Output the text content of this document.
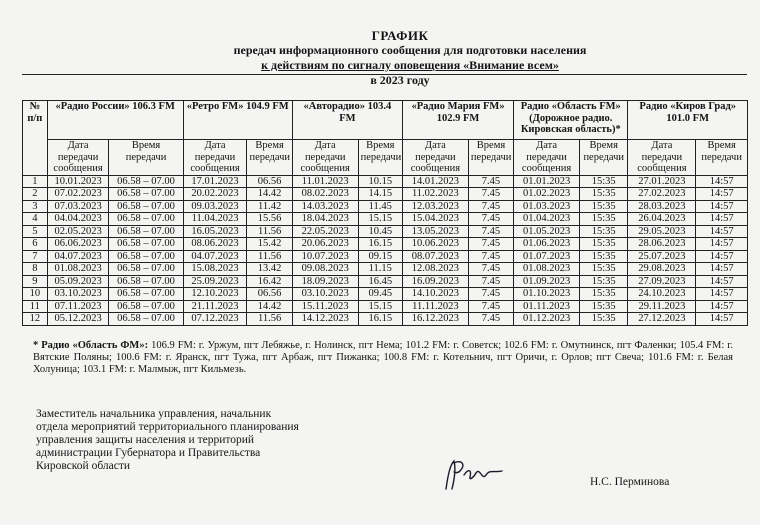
ГРАФИК
передач информационного сообщения для подготовки населения
к действиям по сигналу оповещения «Внимание всем»
в 2023 году
№ п/п	«Радио России» 106.3 FM		«Ретро FM» 104.9 FM		«Авторадио» 103.4 FM		«Радио Мария FM» 102.9 FM		Радио «Область FM» (Дорожное радио. Кировская область)*		Радио «Киров Град» 101.0 FM	
	Дата передачи сообщения	Время передачи	Дата передачи сообщения	Время передачи	Дата передачи сообщения	Время передачи	Дата передачи сообщения	Время передачи	Дата передачи сообщения	Время передачи	Дата передачи сообщения	Время передачи
1	10.01.2023	06.58 – 07.00	17.01.2023	06.56	11.01.2023	10.15	14.01.2023	7.45	01.01.2023	15:35	27.01.2023	14:57
2	07.02.2023	06.58 – 07.00	20.02.2023	14.42	08.02.2023	14.15	11.02.2023	7.45	01.02.2023	15:35	27.02.2023	14:57
3	07.03.2023	06.58 – 07.00	09.03.2023	11.42	14.03.2023	11.45	12.03.2023	7.45	01.03.2023	15:35	28.03.2023	14:57
4	04.04.2023	06.58 – 07.00	11.04.2023	15.56	18.04.2023	15.15	15.04.2023	7.45	01.04.2023	15:35	26.04.2023	14:57
5	02.05.2023	06.58 – 07.00	16.05.2023	11.56	22.05.2023	10.45	13.05.2023	7.45	01.05.2023	15:35	29.05.2023	14:57
6	06.06.2023	06.58 – 07.00	08.06.2023	15.42	20.06.2023	16.15	10.06.2023	7.45	01.06.2023	15:35	28.06.2023	14:57
7	04.07.2023	06.58 – 07.00	04.07.2023	11.56	10.07.2023	09.15	08.07.2023	7.45	01.07.2023	15:35	25.07.2023	14:57
8	01.08.2023	06.58 – 07.00	15.08.2023	13.42	09.08.2023	11.15	12.08.2023	7.45	01.08.2023	15:35	29.08.2023	14:57
9	05.09.2023	06.58 – 07.00	25.09.2023	16.42	18.09.2023	16.45	16.09.2023	7.45	01.09.2023	15:35	27.09.2023	14:57
10	03.10.2023	06.58 – 07.00	12.10.2023	06.56	03.10.2023	09.45	14.10.2023	7.45	01.10.2023	15:35	24.10.2023	14:57
11	07.11.2023	06.58 – 07.00	21.11.2023	14.42	15.11.2023	15.15	11.11.2023	7.45	01.11.2023	15:35	29.11.2023	14:57
12	05.12.2023	06.58 – 07.00	07.12.2023	11.56	14.12.2023	16.15	16.12.2023	7.45	01.12.2023	15:35	27.12.2023	14:57
* Радио «Область ФМ»: 106.9 FM: г. Уржум, пгт Лебяжье, г. Нолинск, пгт Нема; 101.2 FM: г. Советск; 102.6 FM: г. Омутнинск, пгт Фаленки; 105.4 FM: г. Вятские Поляны; 100.6 FM: г. Яранск, пгт Тужа, пгт Арбаж, пгт Пижанка; 100.8 FM: г. Котельнич, пгт Оричи, г. Орлов; пгт Свеча; 101.6 FM: г. Белая Холуница; 103.1 FM: г. Малмыж, пгт Кильмезь.
Заместитель начальника управления, начальник
отдела мероприятий территориального планирования
управления защиты населения и территорий
администрации Губернатора и Правительства
Кировской области
Н.С. Перминова
